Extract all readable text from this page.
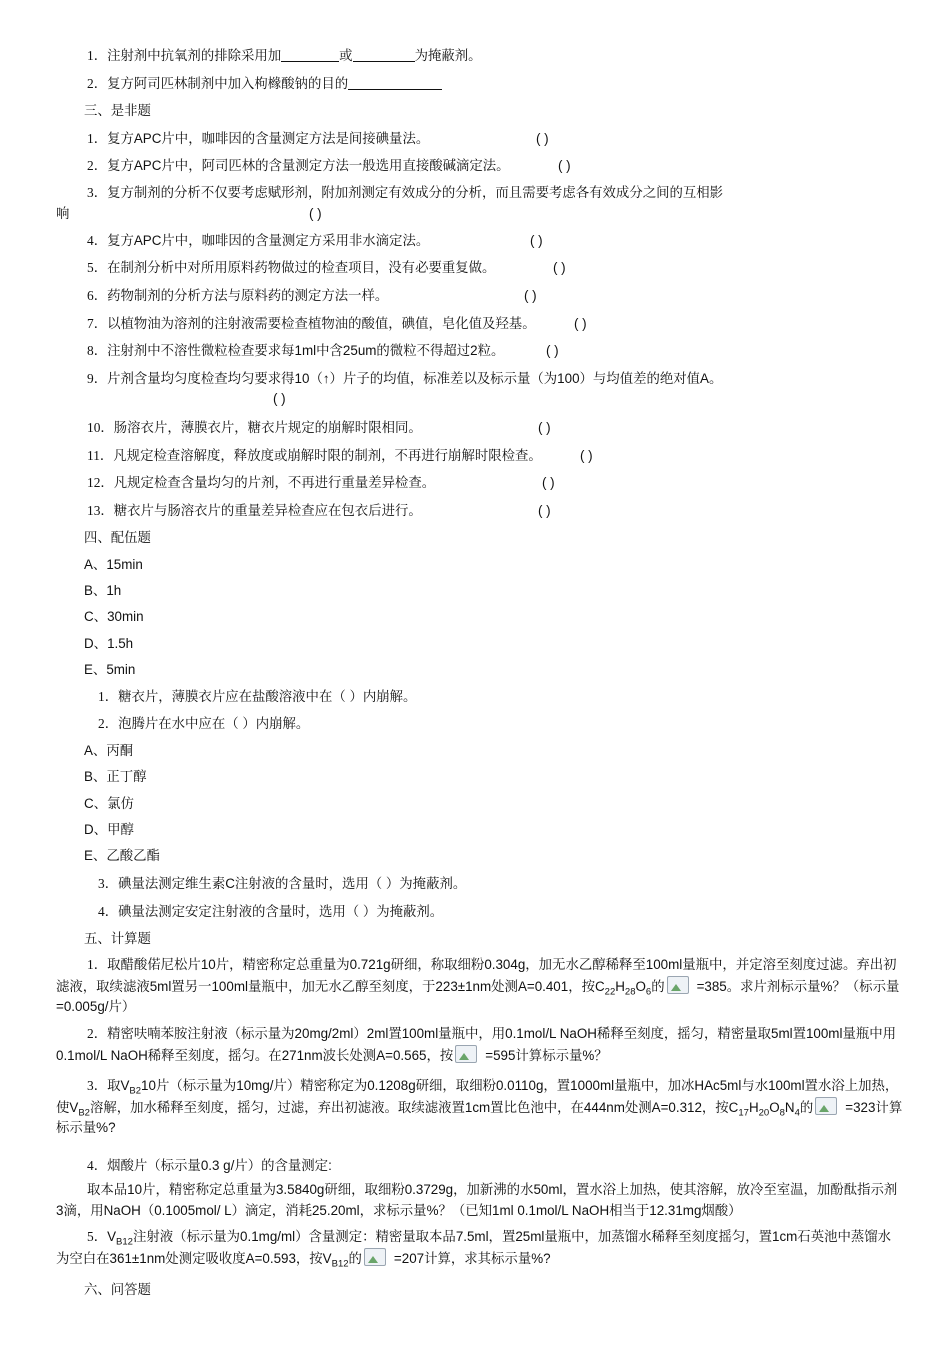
1．注射剂中抗氧剂的排除采用加	或	为掩蔽剂。
2．复方阿司匹林制剂中加入枸橼酸钠的目的
三、是非题
1．复方APC片中，咖啡因的含量测定方法是间接碘量法。	( )
2．复方APC片中，阿司匹林的含量测定方法一般选用直接酸碱滴定法。	( )
3．复方制剂的分析不仅要考虑赋形剂，附加剂测定有效成分的分析，而且需要考虑各有效成分之间的互相影
响	( )
4．复方APC片中，咖啡因的含量测定方采用非水滴定法。	( )
5．在制剂分析中对所用原料药物做过的检查项目，没有必要重复做。	( )
6．药物制剂的分析方法与原料药的测定方法一样。	( )
7．以植物油为溶剂的注射液需要检查植物油的酸值，碘值，皂化值及羟基。	( )
8．注射剂中不溶性微粒检查要求每1ml中含25um的微粒不得超过2粒。	( )
9．片剂含量均匀度检查均匀要求得10（↑）片子的均值，标准差以及标示量（为100）与均值差的绝对值A。
( )
10．肠溶衣片，薄膜衣片，糖衣片规定的崩解时限相同。	( )
11．凡规定检查溶解度，释放度或崩解时限的制剂，不再进行崩解时限检查。	( )
12．凡规定检查含量均匀的片剂，不再进行重量差异检查。	( )
13．糖衣片与肠溶衣片的重量差异检查应在包衣后进行。	( )
四、配伍题
A、15min
B、1h
C、30min
D、1.5h
E、5min
1．糖衣片，薄膜衣片应在盐酸溶液中在（ ）内崩解。
2．泡腾片在水中应在（ ）内崩解。
A、丙酮
B、正丁醇
C、氯仿
D、甲醇
E、乙酸乙酯
3．碘量法测定维生素C注射液的含量时，选用（ ）为掩蔽剂。
4．碘量法测定安定注射液的含量时，选用（ ）为掩蔽剂。
五、计算题
1．取醋酸偌尼松片10片，精密称定总重量为0.721g研细，称取细粉0.304g，加无水乙醇稀释至100ml量瓶中，并定溶至刻度过滤。弃出初滤液，取续滤液5ml置另一100ml量瓶中，加无水乙醇至刻度，于223±1nm处测A=0.401，按$C_{22}H_{28}O_6$的 =385。求片剂标示量%？（标示量=0.005g/片）
2．精密呋喃苯胺注射液（标示量为20mg/2ml）2ml置100ml量瓶中，用0.1mol/L NaOH稀释至刻度，摇匀，精密量取5ml置100ml量瓶中用0.1mol/L NaOH稀释至刻度，摇匀。在271nm波长处测A=0.565，按 =595计算标示量%？
3．取$V_{B2}10$片（标示量为10mg/片）精密称定为0.1208g研细，取细粉0.0110g，置1000ml量瓶中，加冰HAc5ml与水100ml置水浴上加热，使$V_{B2}$溶解，加水稀释至刻度，摇匀，过滤，弃出初滤液。取续滤液置1cm置比色池中，在444nm处测A=0.312，按$C_{17}H_{20}O_8N_4$的 =323计算标示量%?
4．烟酸片（标示量0.3 g/片）的含量测定:
取本品10片，精密称定总重量为3.5840g研细，取细粉0.3729g，加新沸的水50ml，置水浴上加热，使其溶解，放冷至室温，加酚酞指示剂3滴，用NaOH（0.1005mol/ L）滴定，消耗25.20ml，求标示量%？（已知1ml 0.1mol/L NaOH相当于12.31mg烟酸）
5．$V_{B12}$注射液（标示量为0.1mg/ml）含量测定：精密量取本品7.5ml，置25ml量瓶中，加蒸馏水稀释至刻度摇匀，置1cm石英池中蒸馏水为空白在361±1nm处测定吸收度A=0.593，按$V_{B12}$的 =207计算，求其标示量%?
六、问答题
